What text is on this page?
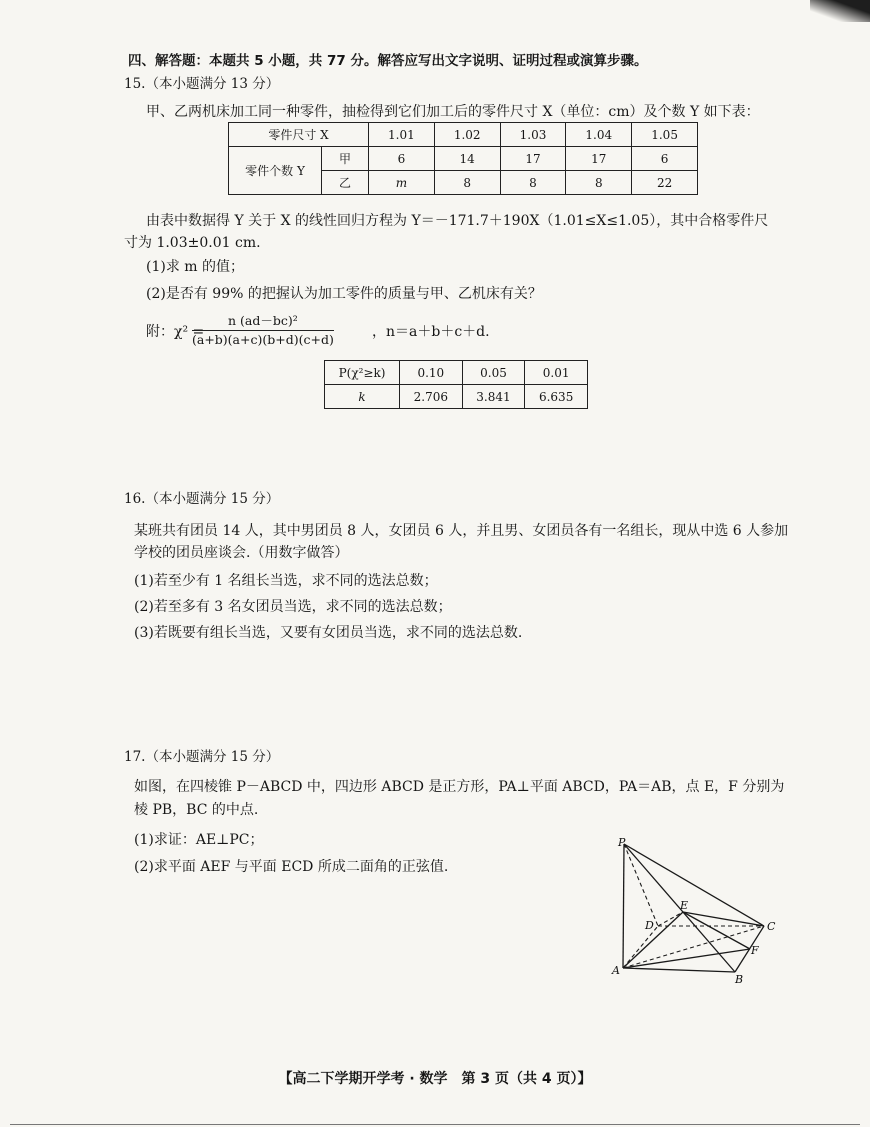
四、解答题：本题共 5 小题，共 77 分。解答应写出文字说明、证明过程或演算步骤。
15.（本小题满分 13 分）
甲、乙两机床加工同一种零件，抽检得到它们加工后的零件尺寸 X（单位：cm）及个数 Y 如下表：
零件尺寸 X		1.01	1.02	1.03	1.04	1.05
零件个数 Y	甲	6	14	17	17	6
	乙	m	8	8	8	22
由表中数据得 Y 关于 X 的线性回归方程为 Y＝－171.7＋190X（1.01≤X≤1.05），其中合格零件尺
寸为 1.03±0.01 cm.
(1)求 m 的值；
(2)是否有 99% 的把握认为加工零件的质量与甲、乙机床有关？
附：χ² =
$\frac{\text{n (ad－bc)²}}{(a+b)(a+c)(b+d)(c+d)}$	，n＝a＋b＋c＋d.
P(χ²≥k)	0.10	0.05	0.01
k	2.706	3.841	6.635
16.（本小题满分 15 分）
某班共有团员 14 人，其中男团员 8 人，女团员 6 人，并且男、女团员各有一名组长，现从中选 6 人参加
学校的团员座谈会.（用数字做答）
(1)若至少有 1 名组长当选，求不同的选法总数；
(2)若至多有 3 名女团员当选，求不同的选法总数；
(3)若既要有组长当选，又要有女团员当选，求不同的选法总数.
17.（本小题满分 15 分）
如图，在四棱锥 P－ABCD 中，四边形 ABCD 是正方形，PA⊥平面 ABCD，PA＝AB，点 E，F 分别为
棱 PB，BC 的中点.
(1)求证：AE⊥PC；
(2)求平面 AEF 与平面 ECD 所成二面角的正弦值.
P
A
B
C
D
E
F
【高二下学期开学考 · 数学　第 3 页（共 4 页）】
